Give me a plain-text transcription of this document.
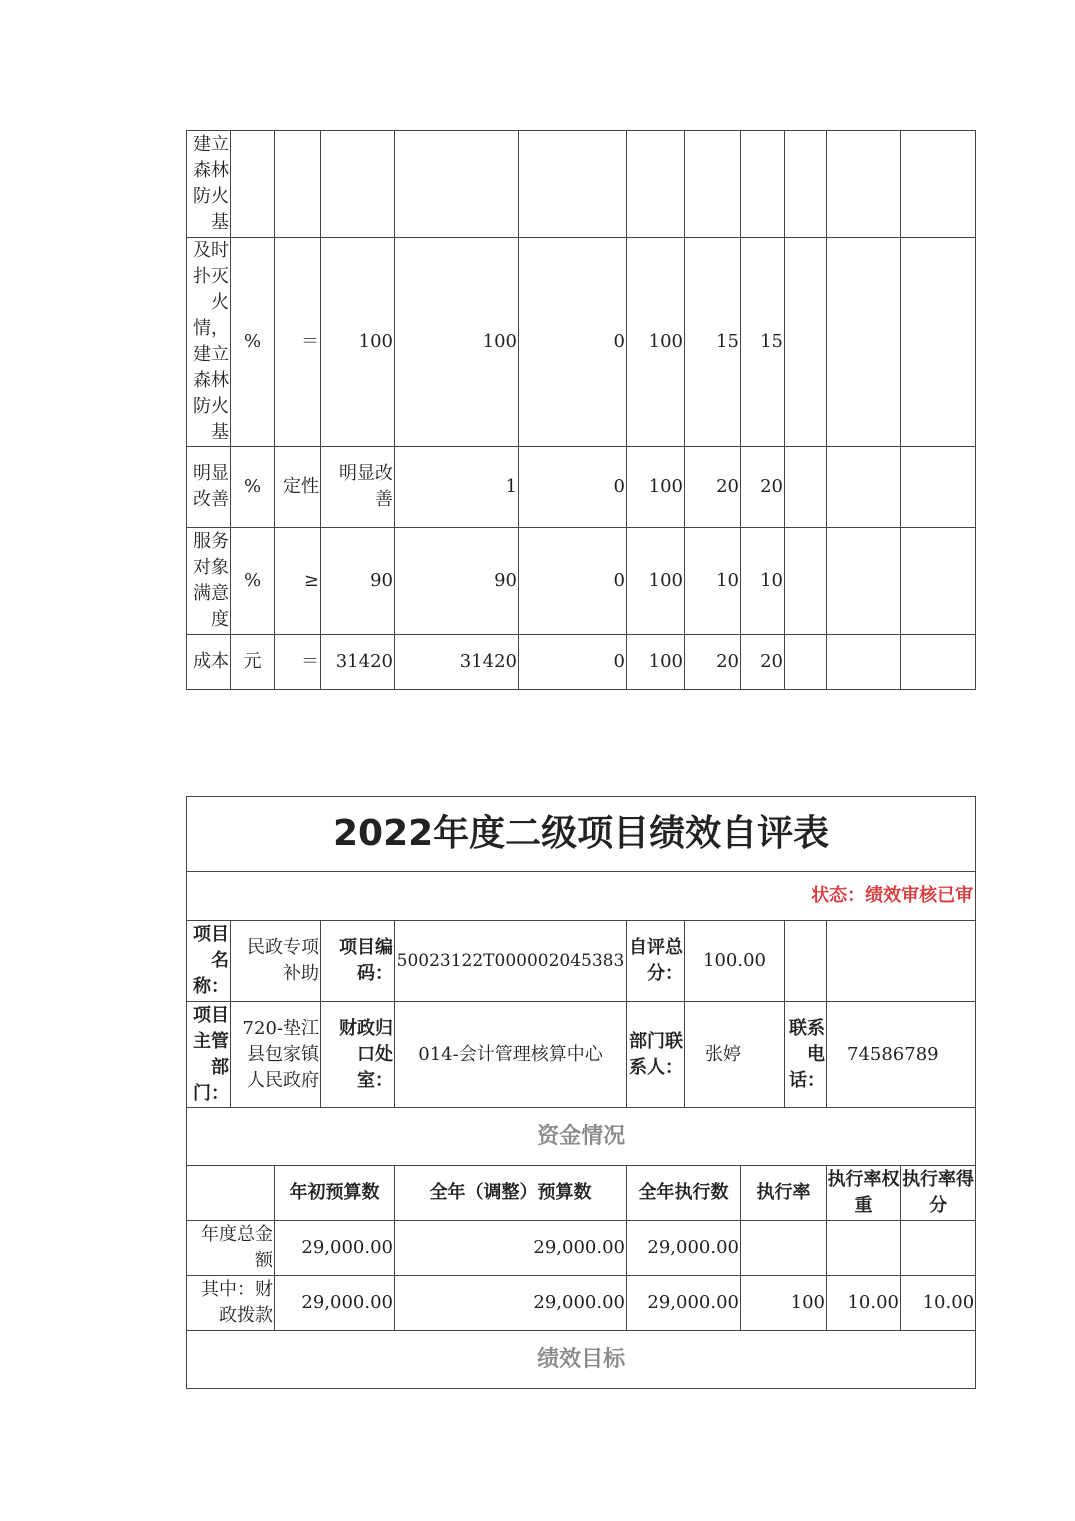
建立森林防火基											
及时扑灭火情，建立森林防火基	%	＝	100	100	0	100	15	15			
明显改善	%	定性	明显改善	1	0	100	20	20			
服务对象满意度	%	≥	90	90	0	100	10	10			
成本	元	＝	31420	31420	0	100	20	20			
2022年度二级项目绩效自评表										
状态：绩效审核已审										
项目名称：	民政专项补助		项目编码：	50023122T000002045383	自评总分：	100.00				
项目主管部门：	720-垫江县包家镇人民政府		财政归口处室：	014-会计管理核算中心	部门联系人：	张婷		联系电话：	74586789	
资金情况										
		年初预算数		全年（调整）预算数	全年执行数		执行率		执行率权重	执行率得分
年度总金额		29,000.00		29,000.00	29,000.00					
其中：财政拨款		29,000.00		29,000.00	29,000.00		100		10.00	10.00
绩效目标										
